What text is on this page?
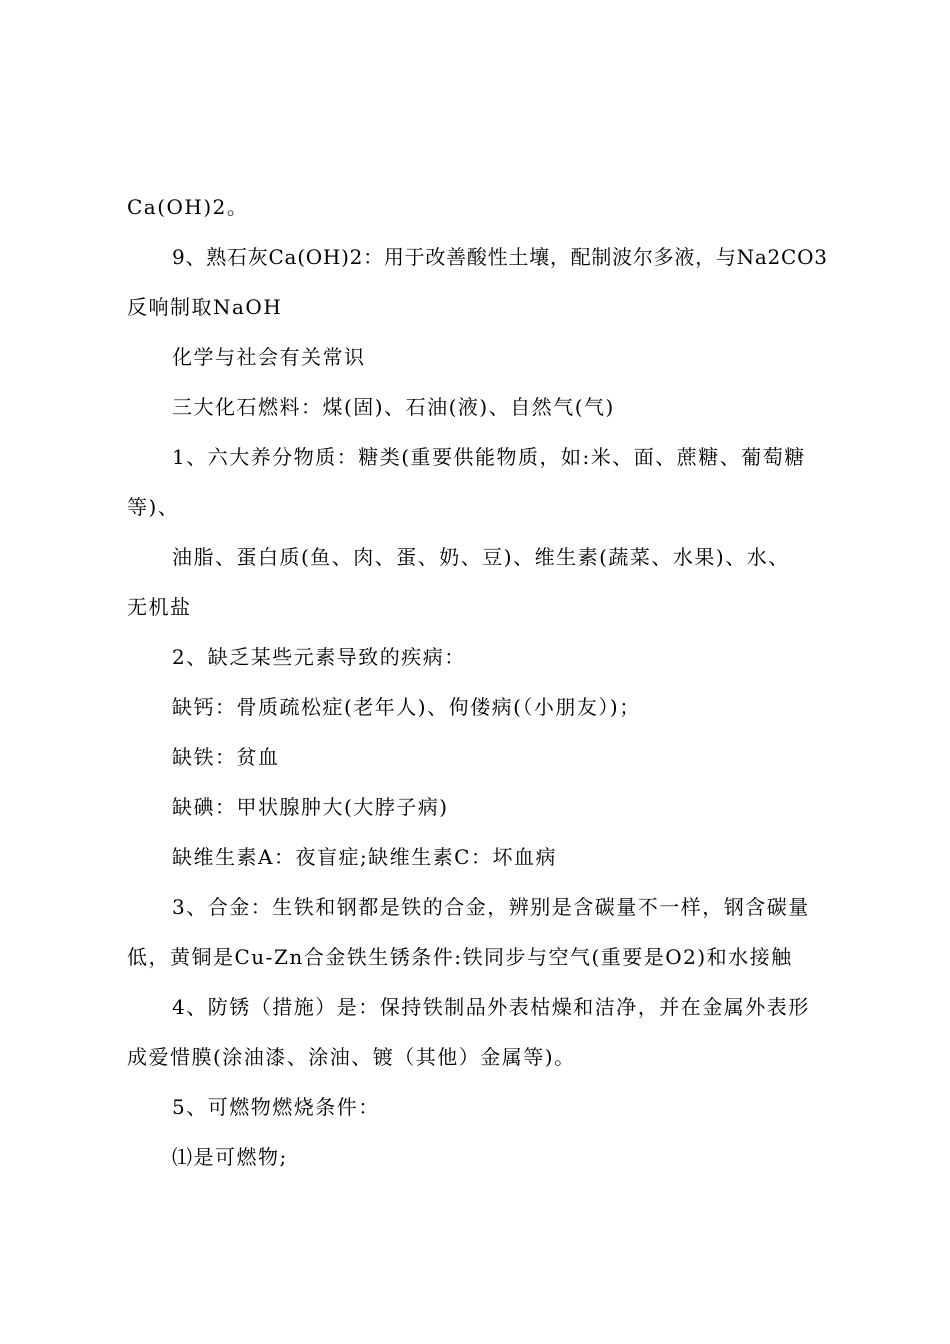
Ca(OH)2。
9、熟石灰Ca(OH)2：用于改善酸性土壤，配制波尔多液，与Na2CO3
反响制取NaOH
化学与社会有关常识
三大化石燃料：煤(固)、石油(液)、自然气(气)
1、六大养分物质：糖类(重要供能物质，如:米、面、蔗糖、葡萄糖
等)、
油脂、蛋白质(鱼、肉、蛋、奶、豆)、维生素(蔬菜、水果)、水、
无机盐
2、缺乏某些元素导致的疾病：
缺钙：骨质疏松症(老年人)、佝偻病(（小朋友）)；
缺铁：贫血
缺碘：甲状腺肿大(大脖子病)
缺维生素A：夜盲症;缺维生素C：坏血病
3、合金：生铁和钢都是铁的合金，辨别是含碳量不一样，钢含碳量
低，黄铜是Cu-Zn合金铁生锈条件:铁同步与空气(重要是O2)和水接触
4、防锈（措施）是：保持铁制品外表枯燥和洁净，并在金属外表形
成爱惜膜(涂油漆、涂油、镀（其他）金属等)。
5、可燃物燃烧条件：
⑴是可燃物;
